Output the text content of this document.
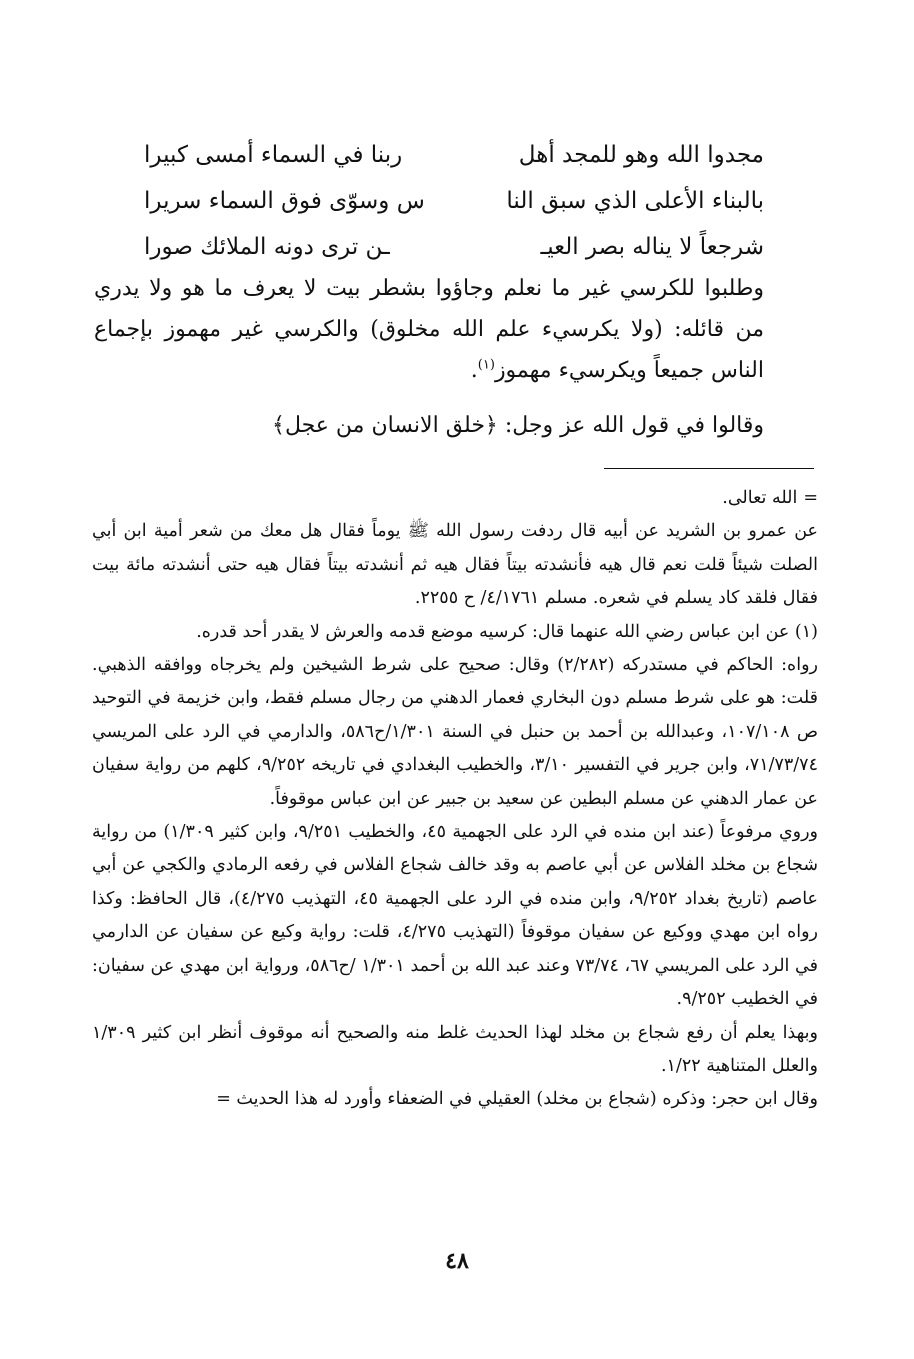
مجدوا الله وهو للمجد أهل
ربنا في السماء أمسى كبيرا
بالبناء الأعلى الذي سبق النا
س وسوّى فوق السماء سريرا
شرجعاً لا يناله بصر العيـ
ـن ترى دونه الملائك صورا

وطلبوا للكرسي غير ما نعلم وجاؤوا بشطر بيت لا يعرف ما هو ولا يدري من قائله: (ولا يكرسيء علم الله مخلوق) والكرسي غير مهموز بإجماع الناس جميعاً ويكرسيء مهموز$^{(١)}$.

وقالوا في قول الله عز وجل: ﴿خلق الانسان من عجل﴾

=الله تعالى.

عن عمرو بن الشريد عن أبيه قال ردفت رسول الله ﷺ يوماً فقال هل معك من شعر أمية ابن أبي الصلت شيئاً قلت نعم قال هيه فأنشدته بيتاً فقال هيه ثم أنشدته بيتاً فقال هيه حتى أنشدته مائة بيت فقال فلقد كاد يسلم في شعره. مسلم ٤/١٧٦١/ ح ٢٢٥٥.

(١) عن ابن عباس رضي الله عنهما قال: كرسيه موضع قدمه والعرش لا يقدر أحد قدره.

رواه: الحاكم في مستدركه (٢/٢٨٢) وقال: صحيح على شرط الشيخين ولم يخرجاه ووافقه الذهبي. قلت: هو على شرط مسلم دون البخاري فعمار الدهني من رجال مسلم فقط، وابن خزيمة في التوحيد ص ١٠٧/١٠٨، وعبدالله بن أحمد بن حنبل في السنة ١/٣٠١/ح٥٨٦، والدارمي في الرد على المريسي ٧١/٧٣/٧٤، وابن جرير في التفسير ٣/١٠، والخطيب البغدادي في تاريخه ٩/٢٥٢، كلهم من رواية سفيان عن عمار الدهني عن مسلم البطين عن سعيد بن جبير عن ابن عباس موقوفاً.

وروي مرفوعاً (عند ابن منده في الرد على الجهمية ٤٥، والخطيب ٩/٢٥١، وابن كثير ١/٣٠٩) من رواية شجاع بن مخلد الفلاس عن أبي عاصم به وقد خالف شجاع الفلاس في رفعه الرمادي والكجي عن أبي عاصم (تاريخ بغداد ٩/٢٥٢، وابن منده في الرد على الجهمية ٤٥، التهذيب ٤/٢٧٥)، قال الحافظ: وكذا رواه ابن مهدي ووكيع عن سفيان موقوفاً (التهذيب ٤/٢٧٥، قلت: رواية وكيع عن سفيان عن الدارمي في الرد على المريسي ٦٧، ٧٣/٧٤ وعند عبد الله بن أحمد ١/٣٠١ /ح٥٨٦، ورواية ابن مهدي عن سفيان: في الخطيب ٩/٢٥٢.

وبهذا يعلم أن رفع شجاع بن مخلد لهذا الحديث غلط منه والصحيح أنه موقوف أنظر ابن كثير ١/٣٠٩ والعلل المتناهية ١/٢٢.

وقال ابن حجر: وذكره (شجاع بن مخلد) العقيلي في الضعفاء وأورد له هذا الحديث =

٤٨
